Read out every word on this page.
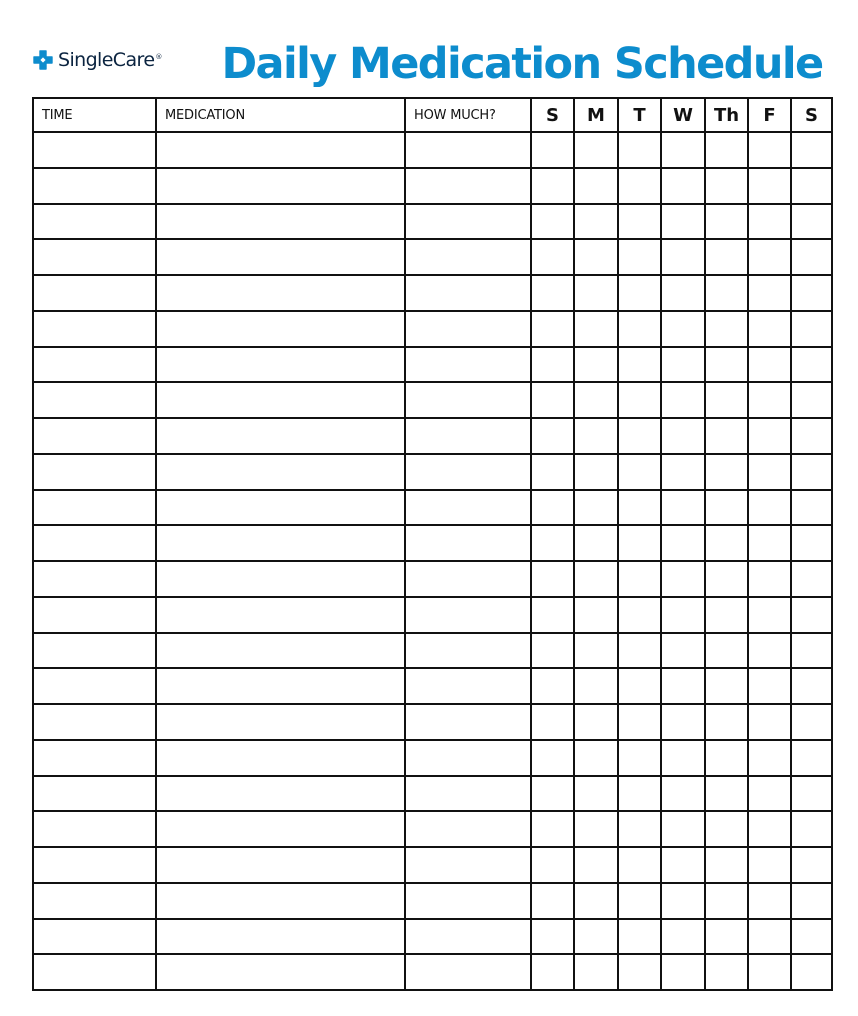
SingleCare ® Daily Medication Schedule
TIME	MEDICATION	HOW MUCH?	S	M	T	W	Th	F	S
